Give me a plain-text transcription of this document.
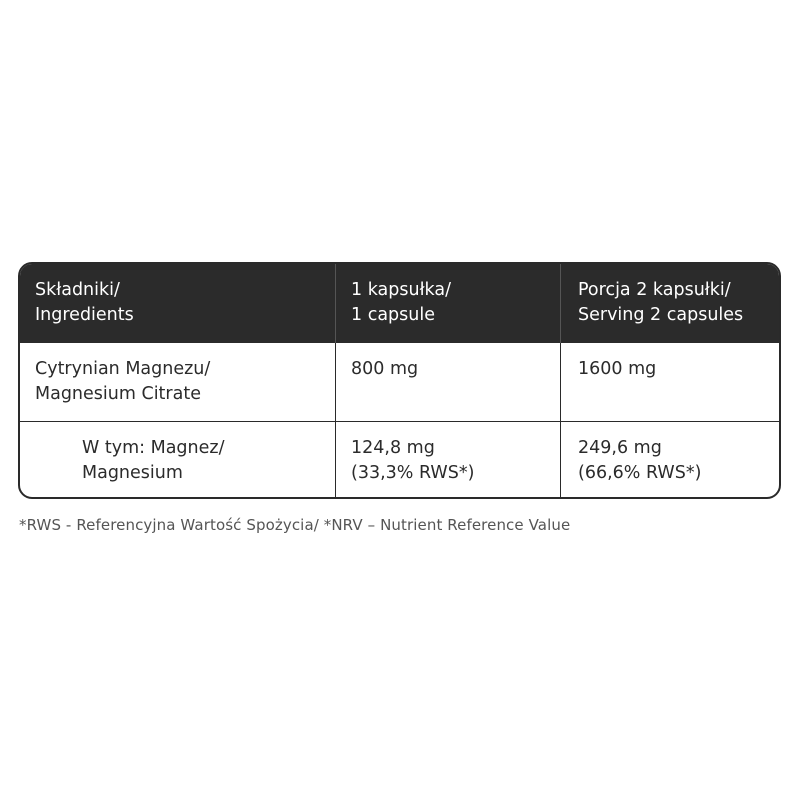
Składniki/
Ingredients
1 kapsułka/
1 capsule
Porcja 2 kapsułki/
Serving 2 capsules
Cytrynian Magnezu/
Magnesium Citrate
800 mg	1600 mg
W tym: Magnez/
Magnesium
124,8 mg
(33,3% RWS*)
249,6 mg
(66,6% RWS*)
*RWS - Referencyjna Wartość Spożycia/ *NRV – Nutrient Reference Value
